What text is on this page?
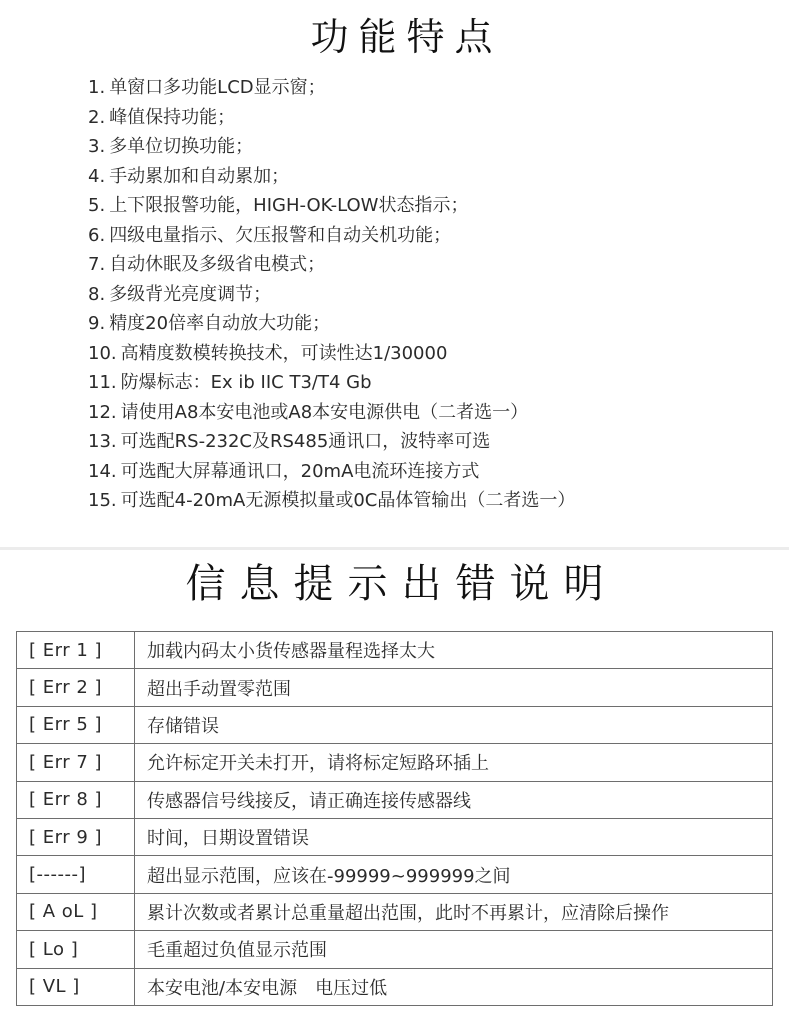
功能特点
1. 单窗口多功能LCD显示窗；
2. 峰值保持功能；
3. 多单位切换功能；
4. 手动累加和自动累加；
5. 上下限报警功能，HIGH-OK-LOW状态指示；
6. 四级电量指示、欠压报警和自动关机功能；
7. 自动休眠及多级省电模式；
8. 多级背光亮度调节；
9. 精度20倍率自动放大功能；
10. 高精度数模转换技术，可读性达1/30000
11. 防爆标志：Ex ib IIC T3/T4 Gb
12. 请使用A8本安电池或A8本安电源供电（二者选一）
13. 可选配RS-232C及RS485通讯口，波特率可选
14. 可选配大屏幕通讯口，20mA电流环连接方式
15. 可选配4-20mA无源模拟量或0C晶体管输出（二者选一）
信息提示出错说明
[ Err 1 ]	加载内码太小货传感器量程选择太大
[ Err 2 ]	超出手动置零范围
[ Err 5 ]	存储错误
[ Err 7 ]	允许标定开关未打开，请将标定短路环插上
[ Err 8 ]	传感器信号线接反，请正确连接传感器线
[ Err 9 ]	时间，日期设置错误
[------]	超出显示范围，应该在-99999~999999之间
[ A oL ]	累计次数或者累计总重量超出范围，此时不再累计，应清除后操作
[ Lo ]	毛重超过负值显示范围
[ VL ]	本安电池/本安电源　电压过低
